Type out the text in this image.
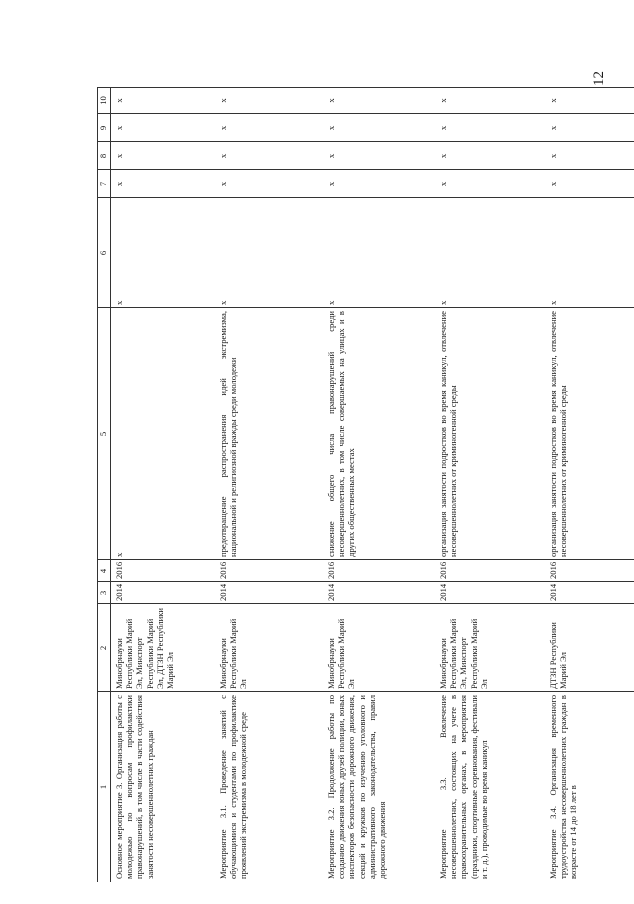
12
1
2
3
4
5
6
7
8
9
10
Основное мероприятие 3. Организация работы с молодежью по вопросам профилактики правонарушений, в том числе в части содействия занятости несовершеннолетних граждан
Минобрнауки Республики Марий Эл, Минспорт Республики Марий Эл, ДТЗН Республики Марий Эл
2014
2016
х
х
х
х
х
х
Мероприятие 3.1. Проведение занятий с обучающимися и студентами по профилактике проявлений экстремизма в молодежной среде
Минобрнауки Республики Марий Эл
2014
2016
предотвращение распространения идей экстремизма, национальной и религиозной вражды среди молодежи
х
х
х
х
х
Мероприятие 3.2. Продолжение работы по созданию движения юных друзей полиции, юных инспекторов безопасности дорожного движения, секций и кружков по изучению уголовного и административного законодательства, правил дорожного движения
Минобрнауки Республики Марий Эл
2014
2016
снижение общего числа правонарушений среди несовершеннолетних, в том числе совершаемых на улицах и в других общественных местах
х
х
х
х
х
Мероприятие 3.3. Вовлечение несовершеннолетних, состоящих на учете в правоохранительных органах, в мероприятия (праздники, спортивные соревнования, фестивали и т. д.), проводимые во время каникул
Минобрнауки Республики Марий Эл, Минспорт Республики Марий Эл
2014
2016
организация занятости подростков во время каникул, отвлечение несовершеннолетних от криминогенной среды
х
х
х
х
х
Мероприятие 3.4. Организация временного трудоустройства несовершеннолетних граждан в возрасте от 14 до 18 лет в
ДТЗН Республики Марий Эл
2014
2016
организация занятости подростков во время каникул, отвлечение несовершеннолетних от криминогенной среды
х
х
х
х
х
